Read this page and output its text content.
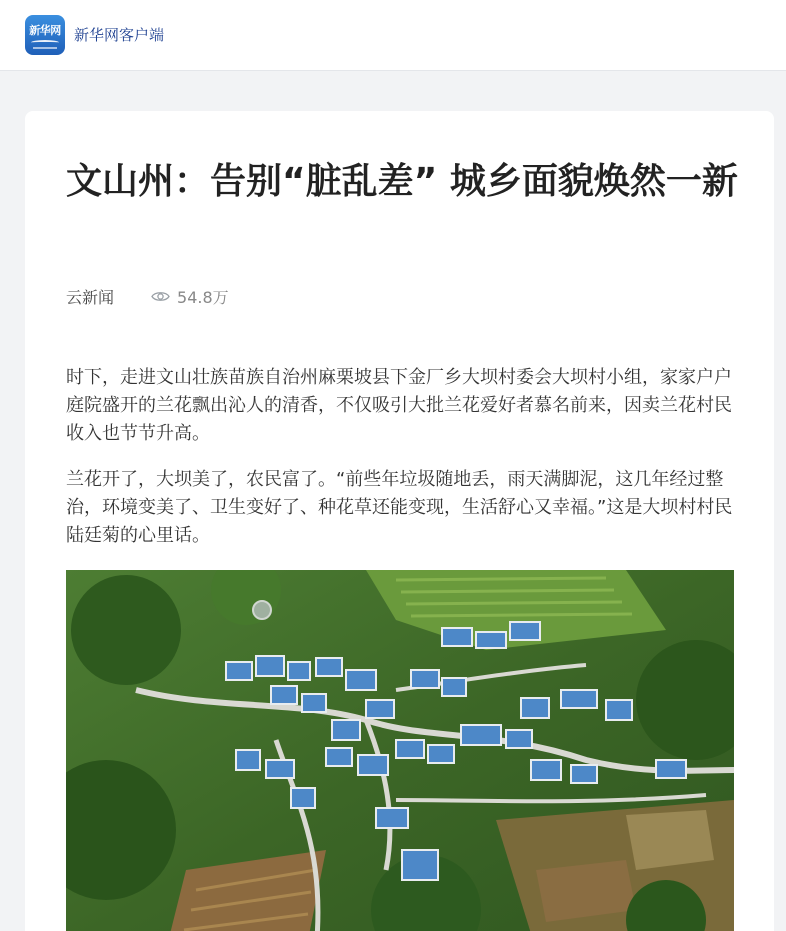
新华网 新华网客户端
文山州：告别“脏乱差” 城乡面貌焕然一新
云新闻	54.8万

时下，走进文山壮族苗族自治州麻栗坡县下金厂乡大坝村委会大坝村小组，家家户户庭院盛开的兰花飘出沁人的清香，不仅吸引大批兰花爱好者慕名前来，因卖兰花村民收入也节节升高。

兰花开了，大坝美了，农民富了。“前些年垃圾随地丢，雨天满脚泥，这几年经过整治，环境变美了、卫生变好了、种花草还能变现，生活舒心又幸福。”这是大坝村村民陆廷菊的心里话。
